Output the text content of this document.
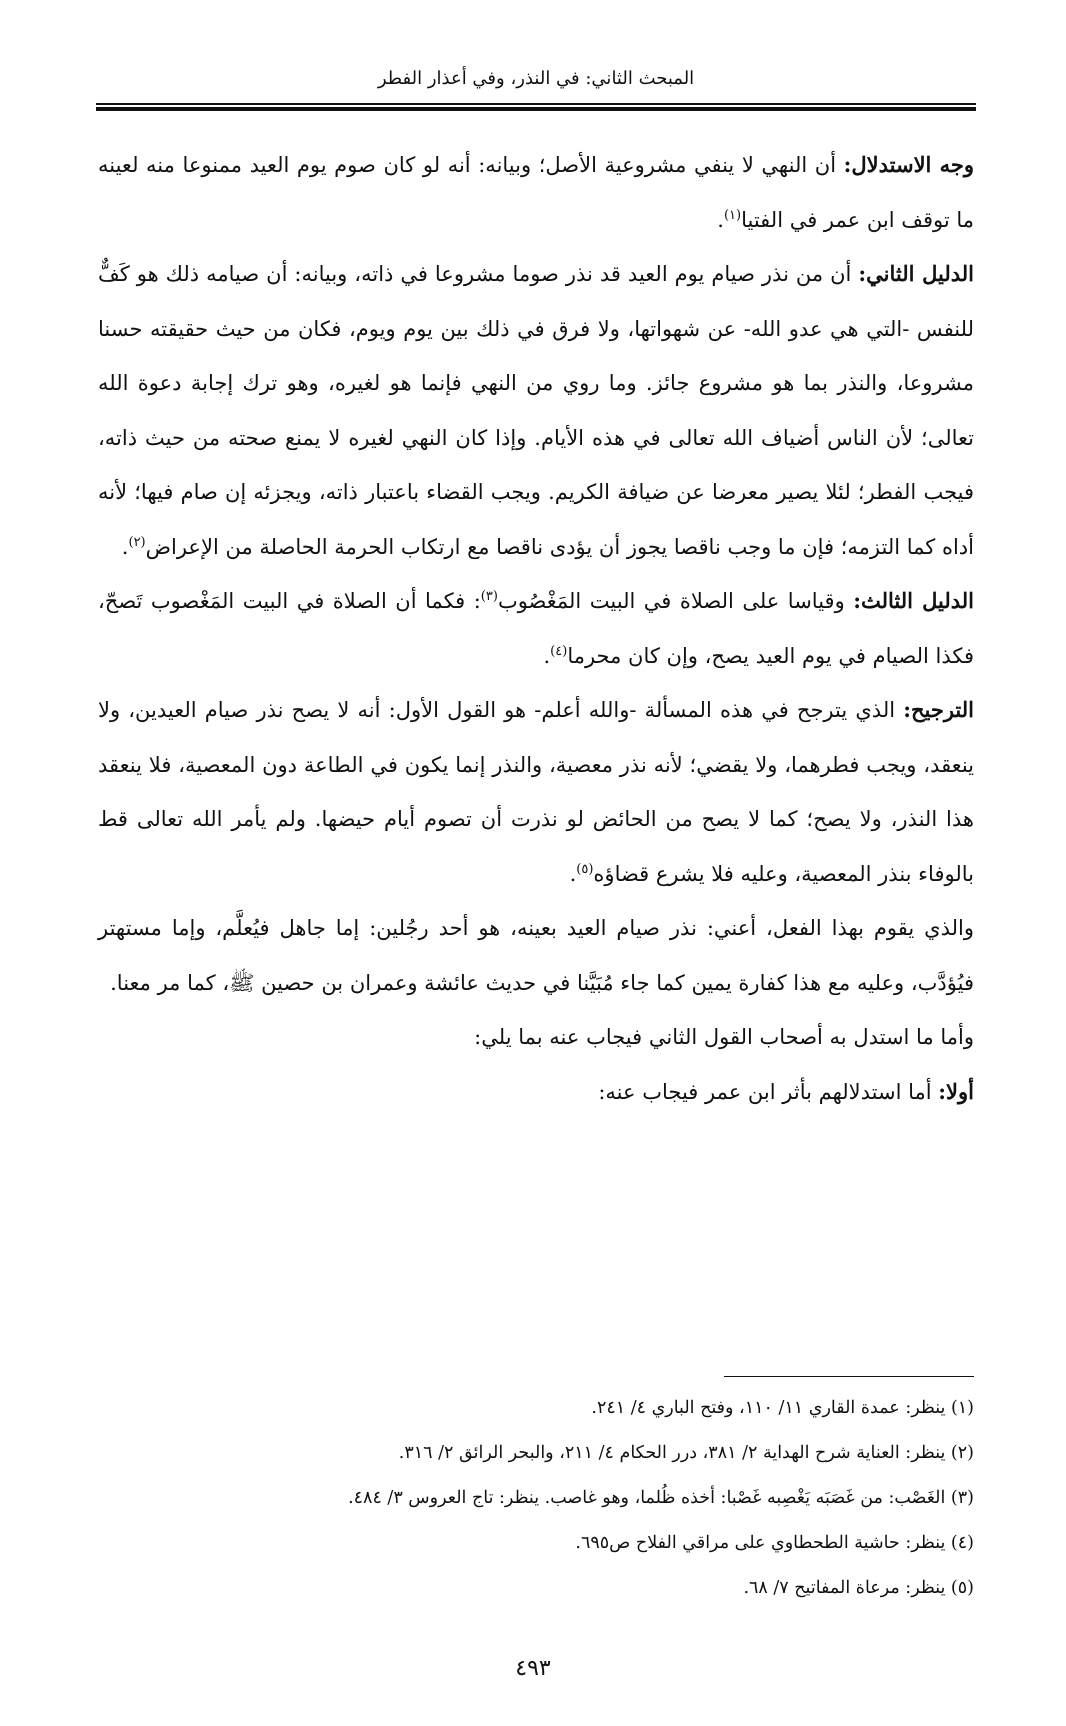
المبحث الثاني: في النذر، وفي أعذار الفطر

وجه الاستدلال: أن النهي لا ينفي مشروعية الأصل؛ وبيانه: أنه لو كان صوم يوم العيد ممنوعا منه لعينه ما توقف ابن عمر في الفتيا$^{(١)}$.

الدليل الثاني: أن من نذر صيام يوم العيد قد نذر صوما مشروعا في ذاته، وبيانه: أن صيامه ذلك هو كَفٌّ للنفس -التي هي عدو الله- عن شهواتها، ولا فرق في ذلك بين يوم ويوم، فكان من حيث حقيقته حسنا مشروعا، والنذر بما هو مشروع جائز. وما روي من النهي فإنما هو لغيره، وهو ترك إجابة دعوة الله تعالى؛ لأن الناس أضياف الله تعالى في هذه الأيام. وإذا كان النهي لغيره لا يمنع صحته من حيث ذاته، فيجب الفطر؛ لئلا يصير معرضا عن ضيافة الكريم. ويجب القضاء باعتبار ذاته، ويجزئه إن صام فيها؛ لأنه أداه كما التزمه؛ فإن ما وجب ناقصا يجوز أن يؤدى ناقصا مع ارتكاب الحرمة الحاصلة من الإعراض$^{(٢)}$.

الدليل الثالث: وقياسا على الصلاة في البيت المَغْصُوب$^{(٣)}$: فكما أن الصلاة في البيت المَغْصوب تَصحّ، فكذا الصيام في يوم العيد يصح، وإن كان محرما$^{(٤)}$.

الترجيح: الذي يترجح في هذه المسألة -والله أعلم- هو القول الأول: أنه لا يصح نذر صيام العيدين، ولا ينعقد، ويجب فطرهما، ولا يقضي؛ لأنه نذر معصية، والنذر إنما يكون في الطاعة دون المعصية، فلا ينعقد هذا النذر، ولا يصح؛ كما لا يصح من الحائض لو نذرت أن تصوم أيام حيضها. ولم يأمر الله تعالى قط بالوفاء بنذر المعصية، وعليه فلا يشرع قضاؤه$^{(٥)}$.

والذي يقوم بهذا الفعل، أعني: نذر صيام العيد بعينه، هو أحد رجُلين: إما جاهل فيُعلَّم، وإما مستهتر فيُؤدَّب، وعليه مع هذا كفارة يمين كما جاء مُبَيَّنا في حديث عائشة وعمران بن حصين ﷺ، كما مر معنا.

وأما ما استدل به أصحاب القول الثاني فيجاب عنه بما يلي:

أولا: أما استدلالهم بأثر ابن عمر فيجاب عنه:

(١) ينظر: عمدة القاري ١١/ ١١٠، وفتح الباري ٤/ ٢٤١.
(٢) ينظر: العناية شرح الهداية ٢/ ٣٨١، درر الحكام ٤/ ٢١١، والبحر الرائق ٢/ ٣١٦.
(٣) الغَصْب: من غَصَبَه يَغْصِبه غَصْبا: أخذه ظُلما، وهو غاصب. ينظر: تاج العروس ٣/ ٤٨٤.
(٤) ينظر: حاشية الطحطاوي على مراقي الفلاح ص٦٩٥.
(٥) ينظر: مرعاة المفاتيح ٧/ ٦٨.
٤٩٣
